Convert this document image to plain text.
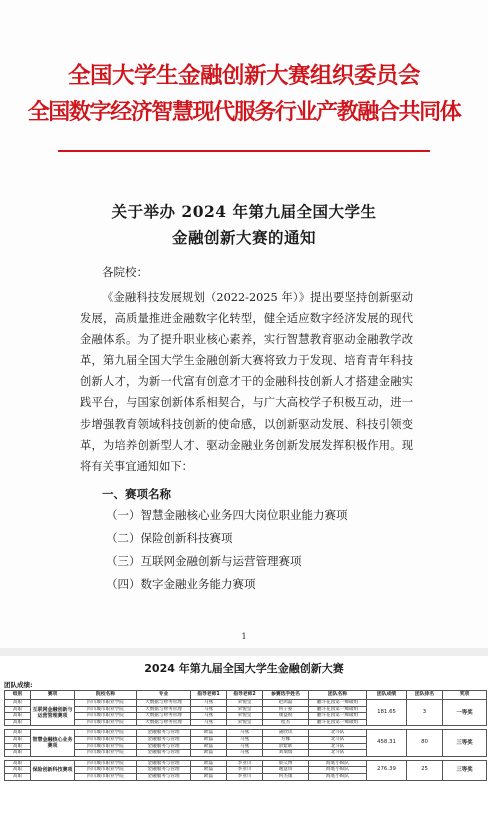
全国大学生金融创新大赛组织委员会
全国数字经济智慧现代服务行业产教融合共同体
关于举办 2024 年第九届全国大学生
金融创新大赛的通知
各院校：
《金融科技发展规划（2022-2025 年）》提出要坚持创新驱动发展，高质量推进金融数字化转型，健全适应数字经济发展的现代金融体系。为了提升职业核心素养，实行智慧教育驱动金融教学改革，第九届全国大学生金融创新大赛将致力于发现、培育青年科技创新人才，为新一代富有创意才干的金融科技创新人才搭建金融实践平台，与国家创新体系相契合，与广大高校学子积极互动，进一步增强教育领域科技创新的使命感，以创新驱动发展、科技引领变革，为培养创新型人才、驱动金融业务创新发展发挥积极作用。现将有关事宜通知如下：
一、赛项名称
（一）智慧金融核心业务四大岗位职业能力赛项
（二）保险创新科技赛项
（三）互联网金融创新与运营管理赛项
（四）数字金融业务能力赛项
1
2024 年第九届全国大学生金融创新大赛
团队成绩:
组别	赛项	院校名称	专业	指导老师1	指导老师2	参赛选手姓名	团队名称	团队成绩	团队排名	奖项
高职	互联网金融创新与运营管理赛项	四川城市职业学院	大数据与财务管理	马燕	荣悦莹	赵鸿磊	翻斗花园第一爆破组	181.65	3	一等奖
高职		四川城市职业学院	大数据与财务管理	马燕	荣悦莹	何子豪	翻斗花园第一爆破组			
高职		四川城市职业学院	大数据与财务管理	马燕	荣悦莹	康益锐	翻斗花园第一爆破组			
高职		四川城市职业学院	大数据与财务管理	马燕	荣悦莹	程杰	翻斗花园第一爆破组			

高职	智慧金融核心业务赛项	四川城市职业学院	金融服务与管理	欧磊	马燕	蒲欣讯	北斗队	458.31	80	三等奖
高职		四川城市职业学院	金融服务与管理	欧磊	马燕	方娜	北斗队			
高职		四川城市职业学院	金融服务与管理	欧磊	马燕	余紫耿	北斗队			
高职		四川城市职业学院	金融服务与管理	欧磊	马燕	刘瑞瑞	北斗队			

高职	保险创新科技赛项	四川城市职业学院	金融服务与管理	欧磊	李亚川	蔡义博	海底小纵队	276.39	25	三等奖
高职		四川城市职业学院	金融服务与管理	欧磊	李亚川	谢慧琪	海底小纵队			
高职		四川城市职业学院	金融服务与管理	欧磊	李亚川	何杰康	海底小纵队			
